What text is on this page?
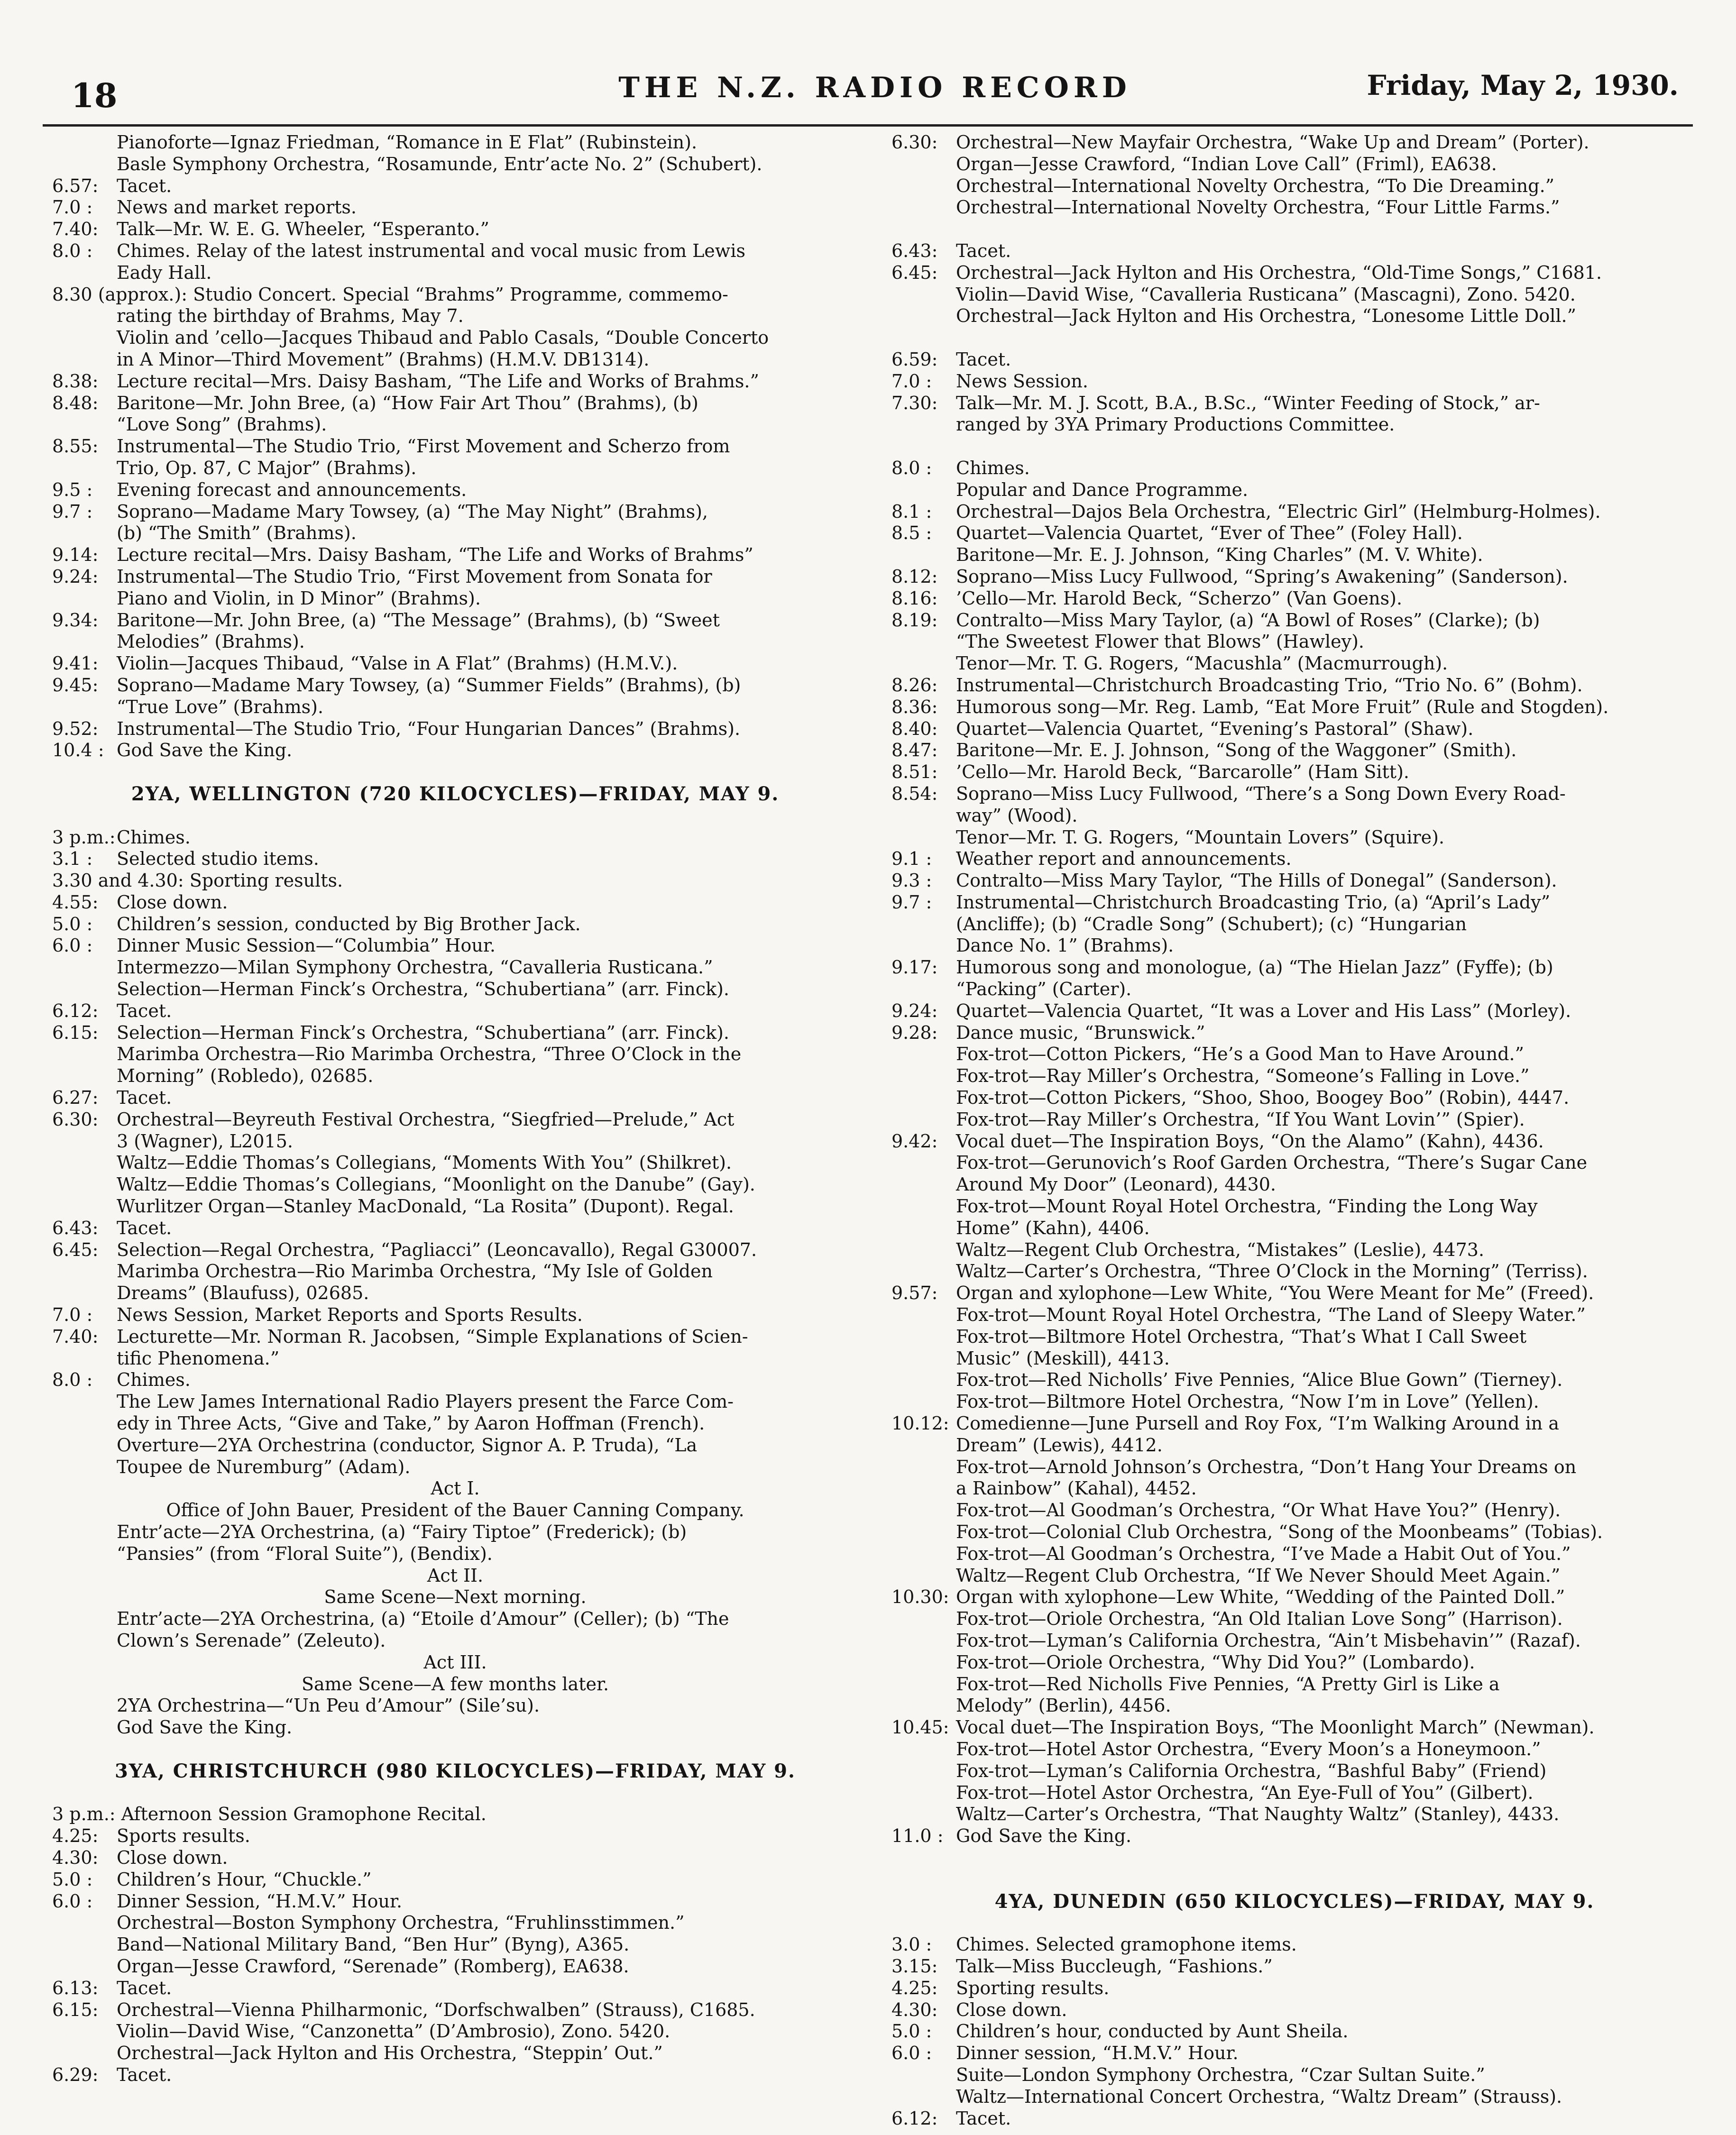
18	THE N.Z. RADIO RECORD	Friday, May 2, 1930.
Pianoforte—Ignaz Friedman, “Romance in E Flat” (Rubinstein).
Basle Symphony Orchestra, “Rosamunde, Entr’acte No. 2” (Schubert).
6.57:	Tacet.
7.0 :	News and market reports.
7.40:	Talk—Mr. W. E. G. Wheeler, “Esperanto.”
8.0 :	Chimes. Relay of the latest instrumental and vocal music from Lewis
Eady Hall.
8.30 (approx.): Studio Concert. Special “Brahms” Programme, commemo-
rating the birthday of Brahms, May 7.
Violin and ’cello—Jacques Thibaud and Pablo Casals, “Double Concerto
in A Minor—Third Movement” (Brahms) (H.M.V. DB1314).
8.38:	Lecture recital—Mrs. Daisy Basham, “The Life and Works of Brahms.”
8.48:	Baritone—Mr. John Bree, (a) “How Fair Art Thou” (Brahms), (b)
“Love Song” (Brahms).
8.55:	Instrumental—The Studio Trio, “First Movement and Scherzo from
Trio, Op. 87, C Major” (Brahms).
9.5 :	Evening forecast and announcements.
9.7 :	Soprano—Madame Mary Towsey, (a) “The May Night” (Brahms),
(b) “The Smith” (Brahms).
9.14:	Lecture recital—Mrs. Daisy Basham, “The Life and Works of Brahms”
9.24:	Instrumental—The Studio Trio, “First Movement from Sonata for
Piano and Violin, in D Minor” (Brahms).
9.34:	Baritone—Mr. John Bree, (a) “The Message” (Brahms), (b) “Sweet
Melodies” (Brahms).
9.41:	Violin—Jacques Thibaud, “Valse in A Flat” (Brahms) (H.M.V.).
9.45:	Soprano—Madame Mary Towsey, (a) “Summer Fields” (Brahms), (b)
“True Love” (Brahms).
9.52:	Instrumental—The Studio Trio, “Four Hungarian Dances” (Brahms).
10.4 : God Save the King.
2YA, WELLINGTON (720 KILOCYCLES)—FRIDAY, MAY 9.
3 p.m.: Chimes.
3.1 :	Selected studio items.
3.30 and 4.30: Sporting results.
4.55:	Close down.
5.0 :	Children’s session, conducted by Big Brother Jack.
6.0 :	Dinner Music Session—“Columbia” Hour.
Intermezzo—Milan Symphony Orchestra, “Cavalleria Rusticana.”
Selection—Herman Finck’s Orchestra, “Schubertiana” (arr. Finck).
6.12:	Tacet.
6.15:	Selection—Herman Finck’s Orchestra, “Schubertiana” (arr. Finck).
Marimba Orchestra—Rio Marimba Orchestra, “Three O’Clock in the
Morning” (Robledo), 02685.
6.27:	Tacet.
6.30:	Orchestral—Beyreuth Festival Orchestra, “Siegfried—Prelude,” Act
3 (Wagner), L2015.
Waltz—Eddie Thomas’s Collegians, “Moments With You” (Shilkret).
Waltz—Eddie Thomas’s Collegians, “Moonlight on the Danube” (Gay).
Wurlitzer Organ—Stanley MacDonald, “La Rosita” (Dupont). Regal.
6.43:	Tacet.
6.45:	Selection—Regal Orchestra, “Pagliacci” (Leoncavallo), Regal G30007.
Marimba Orchestra—Rio Marimba Orchestra, “My Isle of Golden
Dreams” (Blaufuss), 02685.
7.0 :	News Session, Market Reports and Sports Results.
7.40:	Lecturette—Mr. Norman R. Jacobsen, “Simple Explanations of Scien-
tific Phenomena.”
8.0 :	Chimes.
The Lew James International Radio Players present the Farce Com-
edy in Three Acts, “Give and Take,” by Aaron Hoffman (French).
Overture—2YA Orchestrina (conductor, Signor A. P. Truda), “La
Toupee de Nuremburg” (Adam).
Act I.
Office of John Bauer, President of the Bauer Canning Company.
Entr’acte—2YA Orchestrina, (a) “Fairy Tiptoe” (Frederick); (b)
“Pansies” (from “Floral Suite”), (Bendix).
Act II.
Same Scene—Next morning.
Entr’acte—2YA Orchestrina, (a) “Etoile d’Amour” (Celler); (b) “The
Clown’s Serenade” (Zeleuto).
Act III.
Same Scene—A few months later.
2YA Orchestrina—“Un Peu d’Amour” (Sile’su).
God Save the King.
3YA, CHRISTCHURCH (980 KILOCYCLES)—FRIDAY, MAY 9.
3 p.m.: Afternoon Session Gramophone Recital.
4.25:	Sports results.
4.30:	Close down.
5.0 :	Children’s Hour, “Chuckle.”
6.0 :	Dinner Session, “H.M.V.” Hour.
Orchestral—Boston Symphony Orchestra, “Fruhlinsstimmen.”
Band—National Military Band, “Ben Hur” (Byng), A365.
Organ—Jesse Crawford, “Serenade” (Romberg), EA638.
6.13:	Tacet.
6.15:	Orchestral—Vienna Philharmonic, “Dorfschwalben” (Strauss), C1685.
Violin—David Wise, “Canzonetta” (D’Ambrosio), Zono. 5420.
Orchestral—Jack Hylton and His Orchestra, “Steppin’ Out.”
6.29:	Tacet.
6.30:	Orchestral—New Mayfair Orchestra, “Wake Up and Dream” (Porter).
Organ—Jesse Crawford, “Indian Love Call” (Friml), EA638.
Orchestral—International Novelty Orchestra, “To Die Dreaming.”
Orchestral—International Novelty Orchestra, “Four Little Farms.”
6.43:	Tacet.
6.45:	Orchestral—Jack Hylton and His Orchestra, “Old-Time Songs,” C1681.
Violin—David Wise, “Cavalleria Rusticana” (Mascagni), Zono. 5420.
Orchestral—Jack Hylton and His Orchestra, “Lonesome Little Doll.”
6.59:	Tacet.
7.0 :	News Session.
7.30:	Talk—Mr. M. J. Scott, B.A., B.Sc., “Winter Feeding of Stock,” ar-
ranged by 3YA Primary Productions Committee.
8.0 :	Chimes.
Popular and Dance Programme.
8.1 :	Orchestral—Dajos Bela Orchestra, “Electric Girl” (Helmburg-Holmes).
8.5 :	Quartet—Valencia Quartet, “Ever of Thee” (Foley Hall).
Baritone—Mr. E. J. Johnson, “King Charles” (M. V. White).
8.12:	Soprano—Miss Lucy Fullwood, “Spring’s Awakening” (Sanderson).
8.16:	’Cello—Mr. Harold Beck, “Scherzo” (Van Goens).
8.19:	Contralto—Miss Mary Taylor, (a) “A Bowl of Roses” (Clarke); (b)
“The Sweetest Flower that Blows” (Hawley).
Tenor—Mr. T. G. Rogers, “Macushla” (Macmurrough).
8.26:	Instrumental—Christchurch Broadcasting Trio, “Trio No. 6” (Bohm).
8.36:	Humorous song—Mr. Reg. Lamb, “Eat More Fruit” (Rule and Stogden).
8.40:	Quartet—Valencia Quartet, “Evening’s Pastoral” (Shaw).
8.47:	Baritone—Mr. E. J. Johnson, “Song of the Waggoner” (Smith).
8.51:	’Cello—Mr. Harold Beck, “Barcarolle” (Ham Sitt).
8.54:	Soprano—Miss Lucy Fullwood, “There’s a Song Down Every Road-
way” (Wood).
Tenor—Mr. T. G. Rogers, “Mountain Lovers” (Squire).
9.1 :	Weather report and announcements.
9.3 :	Contralto—Miss Mary Taylor, “The Hills of Donegal” (Sanderson).
9.7 :	Instrumental—Christchurch Broadcasting Trio, (a) “April’s Lady”
(Ancliffe); (b) “Cradle Song” (Schubert); (c) “Hungarian
Dance No. 1” (Brahms).
9.17:	Humorous song and monologue, (a) “The Hielan Jazz” (Fyffe); (b)
“Packing” (Carter).
9.24:	Quartet—Valencia Quartet, “It was a Lover and His Lass” (Morley).
9.28:	Dance music, “Brunswick.”
Fox-trot—Cotton Pickers, “He’s a Good Man to Have Around.”
Fox-trot—Ray Miller’s Orchestra, “Someone’s Falling in Love.”
Fox-trot—Cotton Pickers, “Shoo, Shoo, Boogey Boo” (Robin), 4447.
Fox-trot—Ray Miller’s Orchestra, “If You Want Lovin’” (Spier).
9.42:	Vocal duet—The Inspiration Boys, “On the Alamo” (Kahn), 4436.
Fox-trot—Gerunovich’s Roof Garden Orchestra, “There’s Sugar Cane
Around My Door” (Leonard), 4430.
Fox-trot—Mount Royal Hotel Orchestra, “Finding the Long Way
Home” (Kahn), 4406.
Waltz—Regent Club Orchestra, “Mistakes” (Leslie), 4473.
Waltz—Carter’s Orchestra, “Three O’Clock in the Morning” (Terriss).
9.57:	Organ and xylophone—Lew White, “You Were Meant for Me” (Freed).
Fox-trot—Mount Royal Hotel Orchestra, “The Land of Sleepy Water.”
Fox-trot—Biltmore Hotel Orchestra, “That’s What I Call Sweet
Music” (Meskill), 4413.
Fox-trot—Red Nicholls’ Five Pennies, “Alice Blue Gown” (Tierney).
Fox-trot—Biltmore Hotel Orchestra, “Now I’m in Love” (Yellen).
10.12: Comedienne—June Pursell and Roy Fox, “I’m Walking Around in a
Dream” (Lewis), 4412.
Fox-trot—Arnold Johnson’s Orchestra, “Don’t Hang Your Dreams on
a Rainbow” (Kahal), 4452.
Fox-trot—Al Goodman’s Orchestra, “Or What Have You?” (Henry).
Fox-trot—Colonial Club Orchestra, “Song of the Moonbeams” (Tobias).
Fox-trot—Al Goodman’s Orchestra, “I’ve Made a Habit Out of You.”
Waltz—Regent Club Orchestra, “If We Never Should Meet Again.”
10.30: Organ with xylophone—Lew White, “Wedding of the Painted Doll.”
Fox-trot—Oriole Orchestra, “An Old Italian Love Song” (Harrison).
Fox-trot—Lyman’s California Orchestra, “Ain’t Misbehavin’” (Razaf).
Fox-trot—Oriole Orchestra, “Why Did You?” (Lombardo).
Fox-trot—Red Nicholls Five Pennies, “A Pretty Girl is Like a
Melody” (Berlin), 4456.
10.45: Vocal duet—The Inspiration Boys, “The Moonlight March” (Newman).
Fox-trot—Hotel Astor Orchestra, “Every Moon’s a Honeymoon.”
Fox-trot—Lyman’s California Orchestra, “Bashful Baby” (Friend)
Fox-trot—Hotel Astor Orchestra, “An Eye-Full of You” (Gilbert).
Waltz—Carter’s Orchestra, “That Naughty Waltz” (Stanley), 4433.
11.0 : God Save the King.
4YA, DUNEDIN (650 KILOCYCLES)—FRIDAY, MAY 9.
3.0 :	Chimes. Selected gramophone items.
3.15:	Talk—Miss Buccleugh, “Fashions.”
4.25:	Sporting results.
4.30:	Close down.
5.0 :	Children’s hour, conducted by Aunt Sheila.
6.0 :	Dinner session, “H.M.V.” Hour.
Suite—London Symphony Orchestra, “Czar Sultan Suite.”
Waltz—International Concert Orchestra, “Waltz Dream” (Strauss).
6.12:	Tacet.
